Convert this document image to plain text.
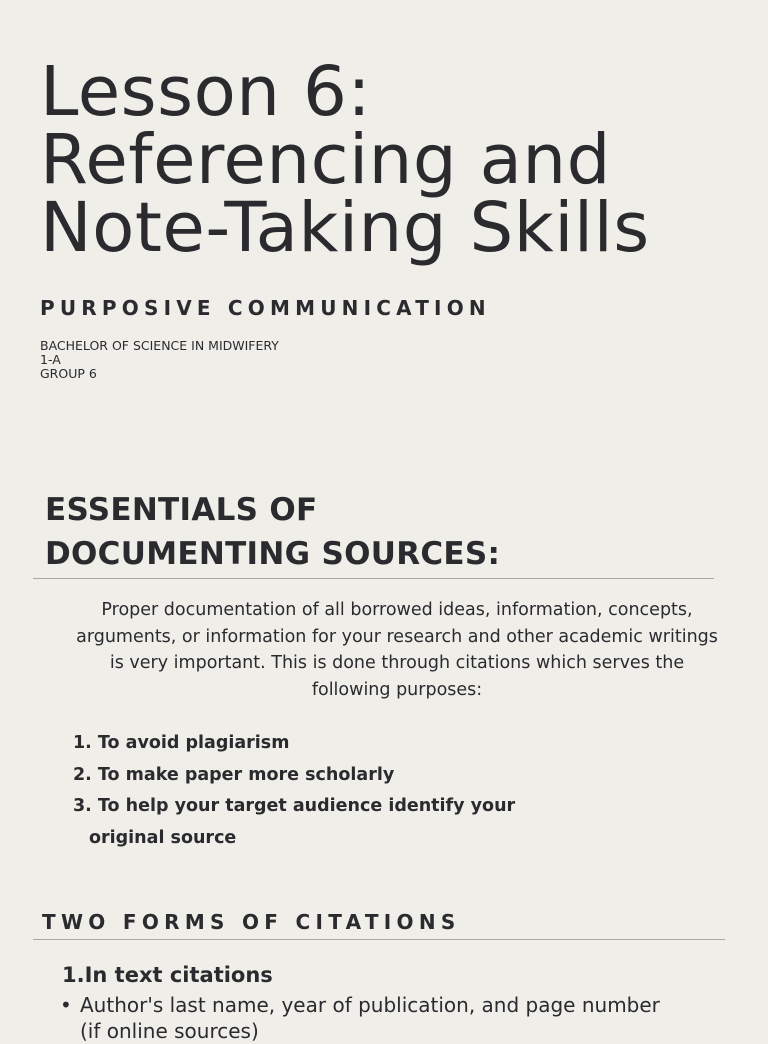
Lesson 6:
Referencing and
Note-Taking Skills
PURPOSIVE COMMUNICATION
BACHELOR OF SCIENCE IN MIDWIFERY
1-A
GROUP 6
ESSENTIALS OF
DOCUMENTING SOURCES:

Proper documentation of all borrowed ideas, information, concepts, arguments, or information for your research and other academic writings is very important. This is done through citations which serves the following purposes:

1. To avoid plagiarism
2. To make paper more scholarly
3. To help your target audience identify your
original source
TWO FORMS OF CITATIONS
1.In text citations
• Author's last name, year of publication, and page number
(if online sources)
